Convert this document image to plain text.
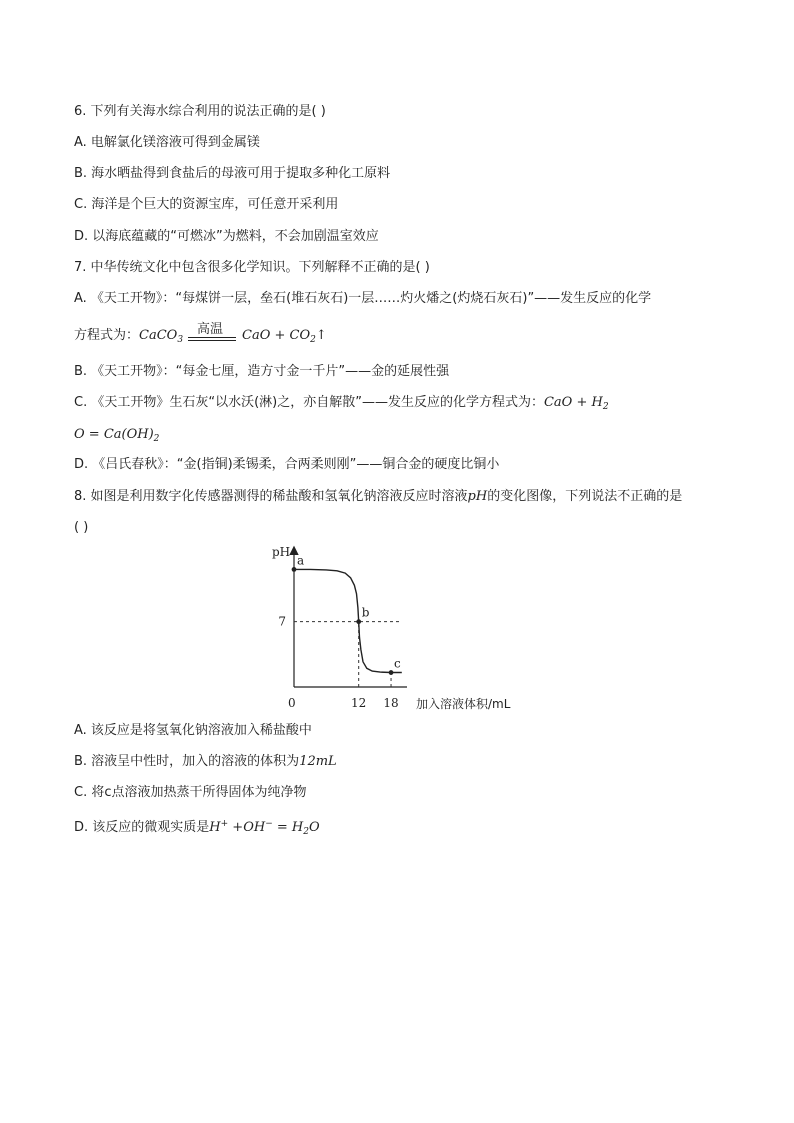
6. 下列有关海水综合利用的说法正确的是( )
A. 电解氯化镁溶液可得到金属镁
B. 海水晒盐得到食盐后的母液可用于提取多种化工原料
C. 海洋是个巨大的资源宝库，可任意开采利用
D. 以海底蕴藏的“可燃冰”为燃料，不会加剧温室效应
7. 中华传统文化中包含很多化学知识。下列解释不正确的是( )
A. 《天工开物》：“每煤饼一层，垒石(堆石灰石)一层……灼火燔之(灼烧石灰石)”——发生反应的化学
方程式为：CaCO$_3$
高温 CaO + $CO_2↑$
B. 《天工开物》：“每金七厘，造方寸金一千片”——金的延展性强
C. 《天工开物》生石灰“以水沃(淋)之，亦自解散”——发生反应的化学方程式为：CaO + $H_2$
$O = Ca(OH)_2$
D. 《吕氏春秋》：“金(指铜)柔锡柔，合两柔则刚”——铜合金的硬度比铜小
8. 如图是利用数字化传感器测得的稀盐酸和氢氧化钠溶液反应时溶液pH的变化图像，下列说法不正确的是
( )
a
b
c
12 18
7
pH
加入溶液体积/mL
0
A. 该反应是将氢氧化钠溶液加入稀盐酸中
B. 溶液呈中性时，加入的溶液的体积为12mL
C. 将c点溶液加热蒸干所得固体为纯净物
D. 该反应的微观实质是$H^+ +OH^- = H_2O$
